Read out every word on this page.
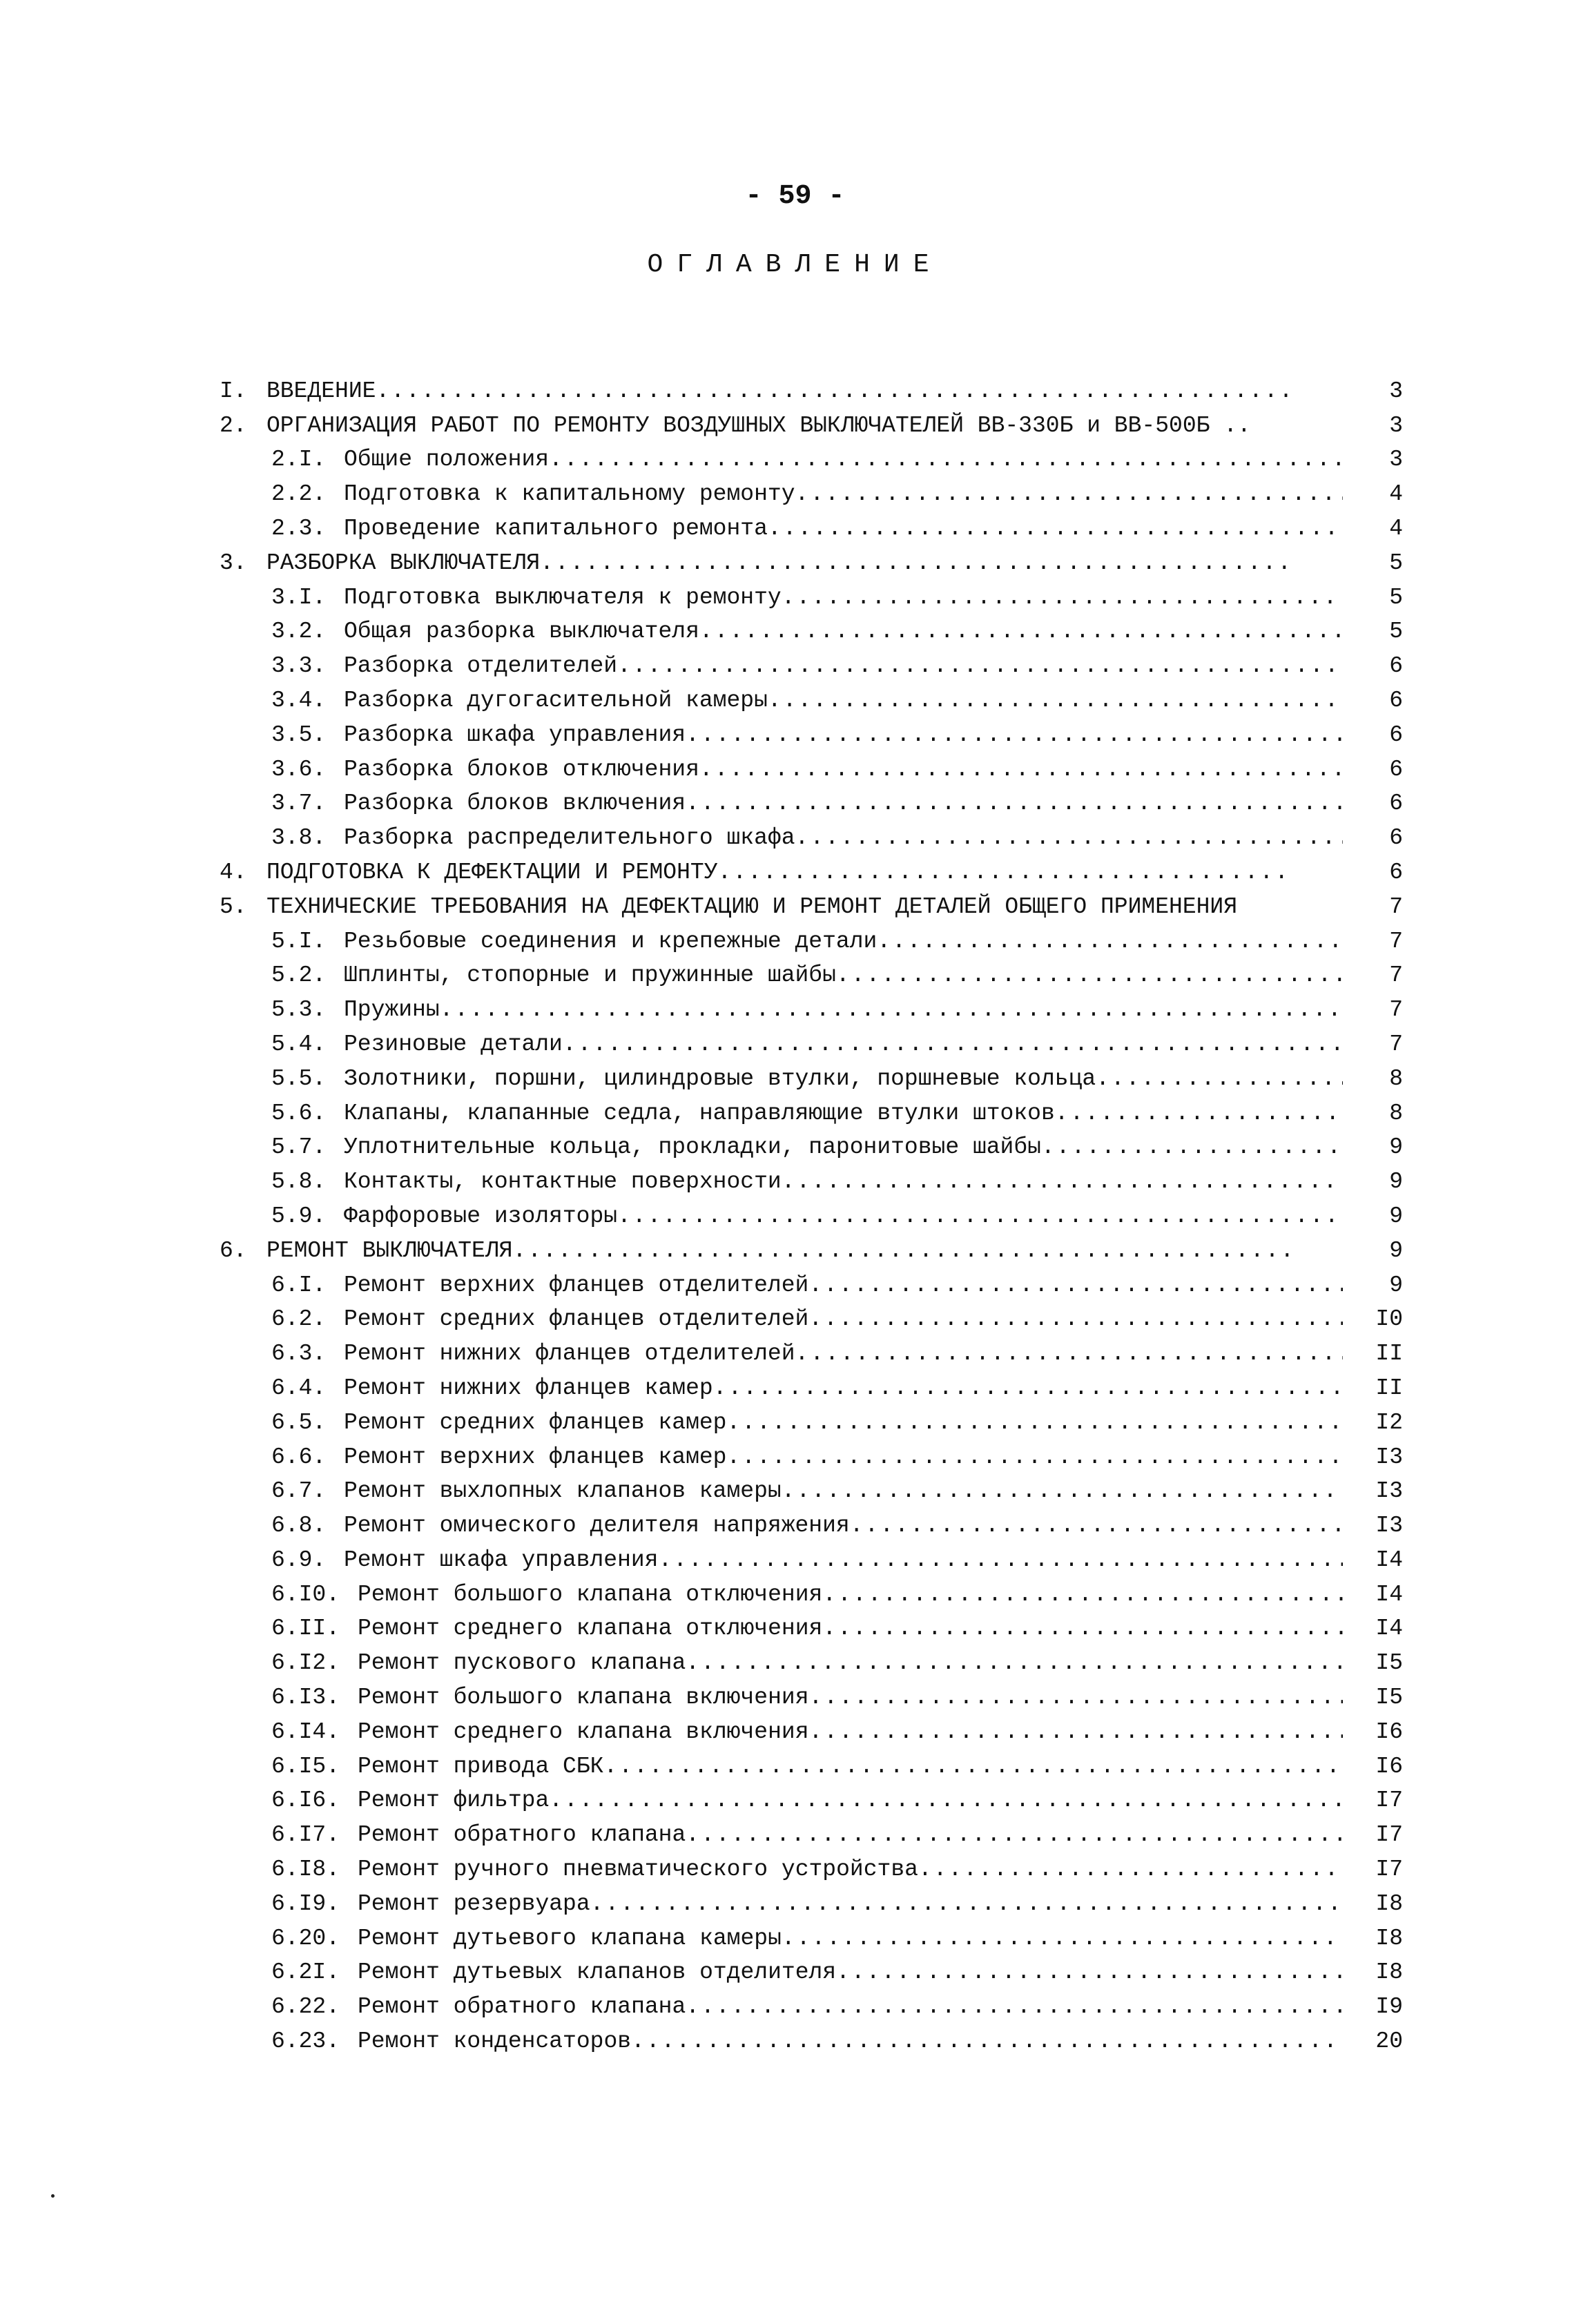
- 59 -
ОГЛАВЛЕНИЕ
I. ВВЕДЕНИЕ .....	3
2. ОРГАНИЗАЦИЯ РАБОТ ПО РЕМОНТУ ВОЗДУШНЫХ ВЫКЛЮЧАТЕЛЕЙ ВВ-330Б и ВВ-500Б ..	3
2.I. Общие положения .....	3
2.2. Подготовка к капитальному ремонту .....	4
2.3. Проведение капитального ремонта .....	4
3. РАЗБОРКА ВЫКЛЮЧАТЕЛЯ .....	5
3.I. Подготовка выключателя к ремонту .....	5
3.2. Общая разборка выключателя .....	5
3.3. Разборка отделителей .....	6
3.4. Разборка дугогасительной камеры .....	6
3.5. Разборка шкафа управления .....	6
3.6. Разборка блоков отключения .....	6
3.7. Разборка блоков включения .....	6
3.8. Разборка распределительного шкафа .....	6
4. ПОДГОТОВКА К ДЕФЕКТАЦИИ И РЕМОНТУ .....	6
5. ТЕХНИЧЕСКИЕ ТРЕБОВАНИЯ НА ДЕФЕКТАЦИЮ И РЕМОНТ ДЕТАЛЕЙ ОБЩЕГО ПРИМЕНЕНИЯ	7
5.I. Резьбовые соединения и крепежные детали .....	7
5.2. Шплинты, стопорные и пружинные шайбы .....	7
5.3. Пружины .....	7
5.4. Резиновые детали .....	7
5.5. Золотники, поршни, цилиндровые втулки, поршневые кольца .....	8
5.6. Клапаны, клапанные седла, направляющие втулки штоков .....	8
5.7. Уплотнительные кольца, прокладки, паронитовые шайбы .....	9
5.8. Контакты, контактные поверхности .....	9
5.9. Фарфоровые изоляторы .....	9
6. РЕМОНТ ВЫКЛЮЧАТЕЛЯ .....	9
6.I. Ремонт верхних фланцев отделителей .....	9
6.2. Ремонт средних фланцев отделителей .....	I0
6.3. Ремонт нижних фланцев отделителей .....	II
6.4. Ремонт нижних фланцев камер .....	II
6.5. Ремонт средних фланцев камер .....	I2
6.6. Ремонт верхних фланцев камер .....	I3
6.7. Ремонт выхлопных клапанов камеры .....	I3
6.8. Ремонт омического делителя напряжения .....	I3
6.9. Ремонт шкафа управления .....	I4
6.I0. Ремонт большого клапана отключения .....	I4
6.II. Ремонт среднего клапана отключения .....	I4
6.I2. Ремонт пускового клапана .....	I5
6.I3. Ремонт большого клапана включения .....	I5
6.I4. Ремонт среднего клапана включения .....	I6
6.I5. Ремонт привода СБК .....	I6
6.I6. Ремонт фильтра .....	I7
6.I7. Ремонт обратного клапана .....	I7
6.I8. Ремонт ручного пневматического устройства .....	I7
6.I9. Ремонт резервуара .....	I8
6.20. Ремонт дутьевого клапана камеры .....	I8
6.2I. Ремонт дутьевых клапанов отделителя .....	I8
6.22. Ремонт обратного клапана .....	I9
6.23. Ремонт конденсаторов .....	20
